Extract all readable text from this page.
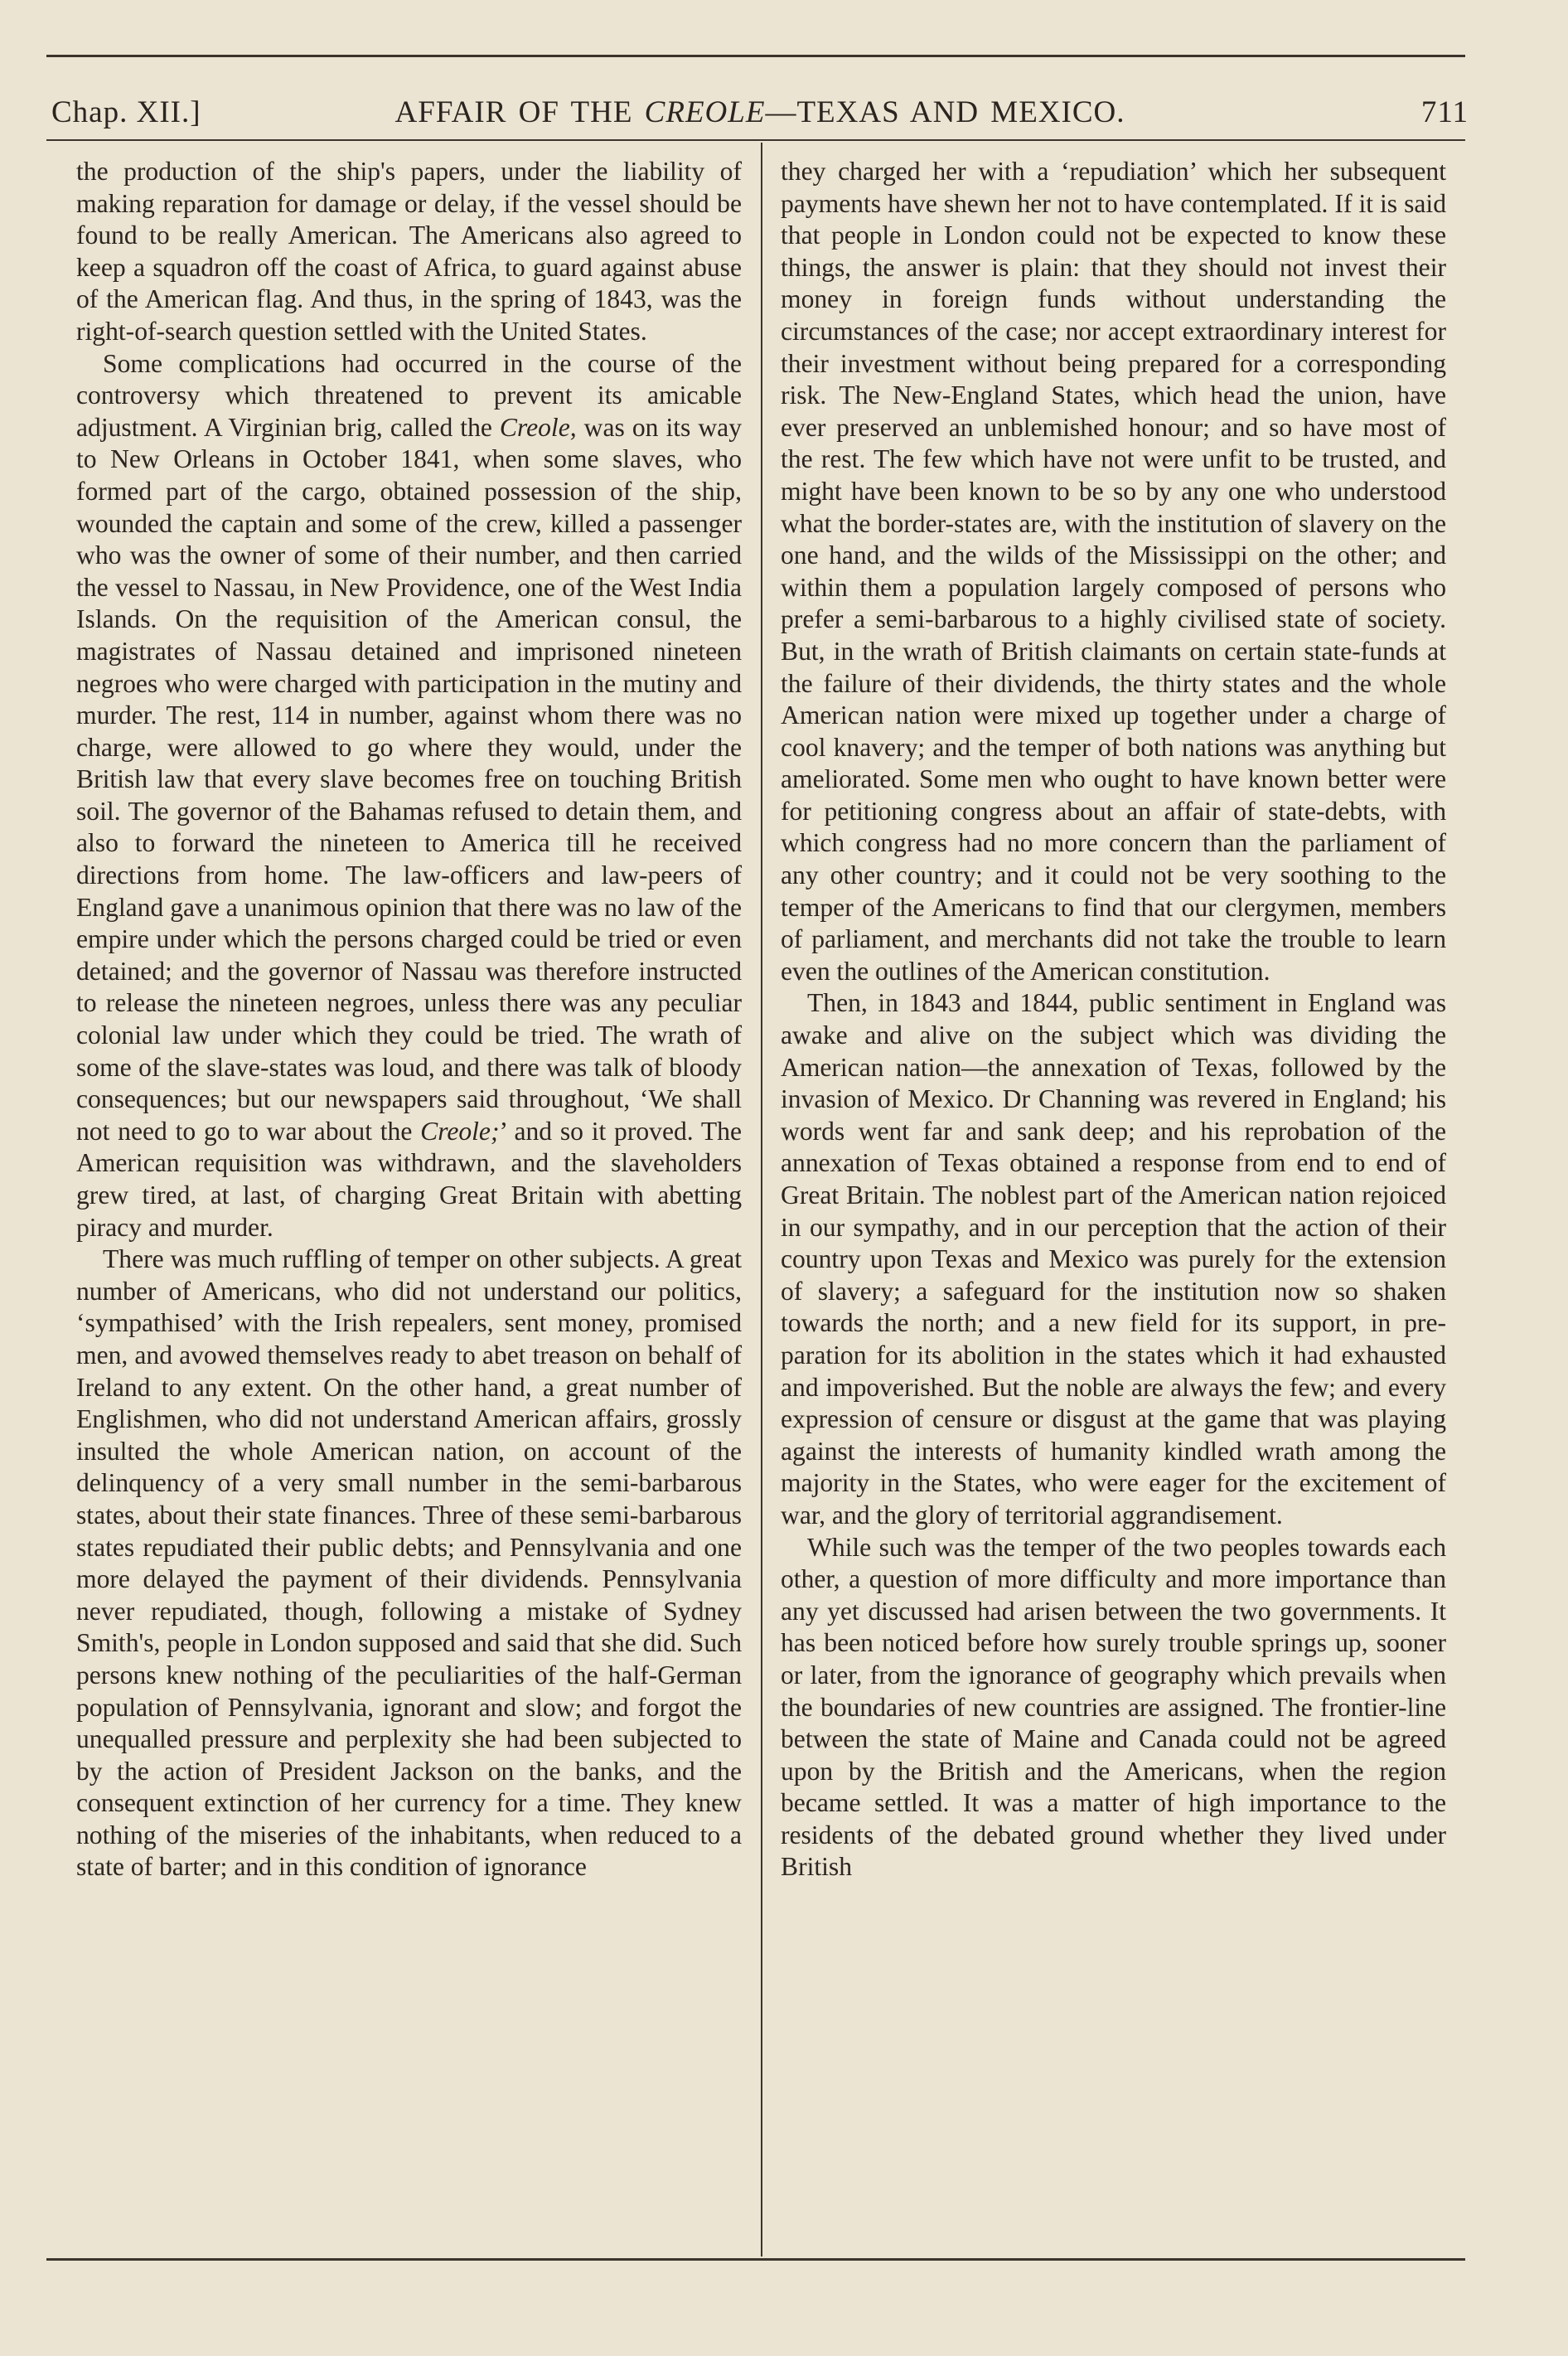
Chap. XII.]	AFFAIR OF THE CREOLE—TEXAS AND MEXICO.	711

the production of the ship's papers, under the liability of making reparation for damage or delay, if the vessel should be found to be really American. The Americans also agreed to keep a squadron off the coast of Africa, to guard against abuse of the American flag. And thus, in the spring of 1843, was the right-of-search question settled with the United States.

Some complications had occurred in the course of the controversy which threatened to prevent its amicable adjustment. A Virginian brig, called the Creole, was on its way to New Orleans in October 1841, when some slaves, who formed part of the cargo, obtained possession of the ship, wounded the captain and some of the crew, killed a passenger who was the owner of some of their number, and then carried the vessel to Nassau, in New Providence, one of the West India Islands. On the requisition of the American consul, the magistrates of Nassau detained and imprisoned nineteen negroes who were charged with participation in the mutiny and murder. The rest, 114 in number, against whom there was no charge, were allowed to go where they would, under the British law that every slave becomes free on touching British soil. The governor of the Bahamas refused to detain them, and also to forward the nineteen to America till he received directions from home. The law-officers and law-peers of England gave a unanimous opinion that there was no law of the empire under which the persons charged could be tried or even detained; and the governor of Nassau was therefore instructed to release the nineteen negroes, unless there was any peculiar colonial law under which they could be tried. The wrath of some of the slave-states was loud, and there was talk of bloody consequences; but our newspapers said throughout, ‘We shall not need to go to war about the Creole;’ and so it proved. The American requisition was withdrawn, and the slaveholders grew tired, at last, of charging Great Britain with abetting piracy and murder.

There was much ruffling of temper on other subjects. A great number of Americans, who did not understand our politics, ‘sympathised’ with the Irish repealers, sent money, promised men, and avowed themselves ready to abet treason on behalf of Ireland to any extent. On the other hand, a great number of Englishmen, who did not understand American affairs, grossly insulted the whole American nation, on account of the delinquency of a very small number in the semi-barbarous states, about their state finances. Three of these semi-barbarous states repudiated their public debts; and Pennsylvania and one more delayed the payment of their dividends. Pennsylvania never repudiated, though, following a mistake of Sydney Smith's, people in London supposed and said that she did. Such persons knew nothing of the peculiarities of the half-German population of Pennsylvania, ignorant and slow; and forgot the unequalled pressure and perplexity she had been subjected to by the action of President Jackson on the banks, and the consequent extinction of her currency for a time. They knew nothing of the miseries of the inhabitants, when reduced to a state of barter; and in this condition of ignorance

they charged her with a ‘repudiation’ which her subsequent payments have shewn her not to have contemplated. If it is said that people in London could not be expected to know these things, the answer is plain: that they should not invest their money in foreign funds without understanding the circumstances of the case; nor accept extraordinary interest for their investment without being prepared for a corresponding risk. The New-England States, which head the union, have ever preserved an unblemished honour; and so have most of the rest. The few which have not were unfit to be trusted, and might have been known to be so by any one who understood what the border-states are, with the institution of slavery on the one hand, and the wilds of the Mississippi on the other; and within them a population largely composed of persons who prefer a semi-barbarous to a highly civilised state of society. But, in the wrath of British claimants on certain state-funds at the failure of their dividends, the thirty states and the whole American nation were mixed up together under a charge of cool knavery; and the temper of both nations was anything but ameliorated. Some men who ought to have known better were for petitioning congress about an affair of state-debts, with which congress had no more concern than the parliament of any other country; and it could not be very soothing to the temper of the Americans to find that our clergymen, members of parliament, and merchants did not take the trouble to learn even the outlines of the American constitution.

Then, in 1843 and 1844, public sentiment in England was awake and alive on the subject which was dividing the American nation—the annexation of Texas, followed by the invasion of Mexico. Dr Channing was revered in England; his words went far and sank deep; and his reprobation of the annexation of Texas obtained a response from end to end of Great Britain. The noblest part of the American nation rejoiced in our sympathy, and in our perception that the action of their country upon Texas and Mexico was purely for the extension of slavery; a safeguard for the institution now so shaken towards the north; and a new field for its support, in preparation for its abolition in the states which it had exhausted and impoverished. But the noble are always the few; and every expression of censure or disgust at the game that was playing against the interests of humanity kindled wrath among the majority in the States, who were eager for the excitement of war, and the glory of territorial aggrandisement.

While such was the temper of the two peoples towards each other, a question of more difficulty and more importance than any yet discussed had arisen between the two governments. It has been noticed before how surely trouble springs up, sooner or later, from the ignorance of geography which prevails when the boundaries of new countries are assigned. The frontier-line between the state of Maine and Canada could not be agreed upon by the British and the Americans, when the region became settled. It was a matter of high importance to the residents of the debated ground whether they lived under British
